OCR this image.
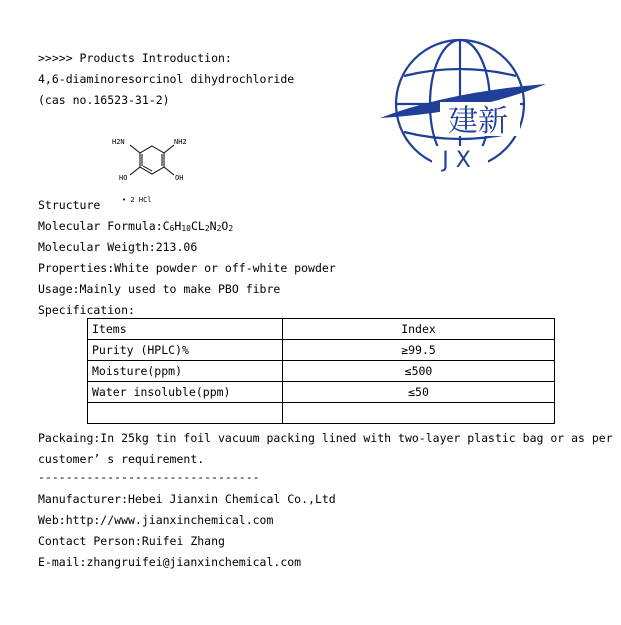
>>>>> Products Introduction:
4,6-diaminoresorcinol dihydrochloride
(cas no.16523-31-2)
建新
JX
H2N	NH2
HO	OH
• 2 HCl
Structure
Molecular Formula:C6H10CL2N2O2
Molecular Weigth:213.06
Properties:White powder or off-white powder
Usage:Mainly used to make PBO fibre
Specification:
Items	Index
Purity (HPLC)%	≥99.5
Moisture(ppm)	≤500
Water insoluble(ppm)	≤50

Packaing:In 25kg tin foil vacuum packing lined with two-layer plastic bag or as per
customer’ s requirement.
--------------------------------
Manufacturer:Hebei Jianxin Chemical Co.,Ltd
Web:http://www.jianxinchemical.com
Contact Person:Ruifei Zhang
E-mail:zhangruifei@jianxinchemical.com
